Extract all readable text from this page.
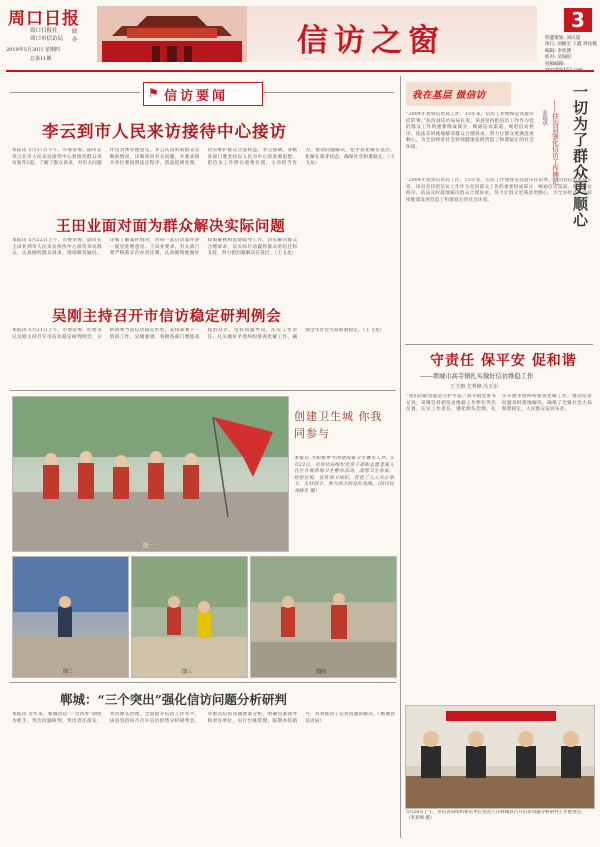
周口日报
周口日报社
周口市信访局
联办
2019年5月30日 星期四
总第11期	信访之窗
3
特邀策划: 刘庆超
执行: 刘楠宏 王鑫 周汝薇
编辑: 李勇博
校对: 吴海阳
投稿邮箱:
⚑ 信访要闻
李云到市人民来访接待中心接访
本报讯 5月17日下午，市委常委、副市长李云在市人民来访接待中心机接待群众来访案件2起，了解了群众诉求，对有关问题作出具体办理意见。李云认真听取群众反映的情况，详细询问有关问题，并要求相关单位要按照法定程序，依法依规处理，切实维护群众合法权益。李云强调，各级各部门要坚持以人民为中心的发展思想，把信访工作摆在重要位置，主动担当作为，推动问题解决，把矛盾化解在基层，化解在萌芽状态，确保社会和谐稳定。（王飞龙）
王田业面对面为群众解决实际问题
本报讯 5月22日上午，市委常委、副市长王田业到市人民来访接待中心接待来访群众，认真倾听群众诉求，现场解答疑问，详细了解案件情况，对每一起信访案件逐一提出处理意见。王田业要求，有关部门要严格落实首办责任制，认真细致地做好政策解释和思想疏导工作，切实解决群众合理诉求，以实际行动赢得群众的信任和支持，努力把问题解决在基层。（王飞龙）
吴刚主持召开市信访稳定研判例会
本报讯 5月21日上午，市委常委、纪委书记吴刚主持召开市信访稳定研判例会，分析研判当前信访稳定形势，安排部署下一阶段工作。吴刚强调，各级各部门要提高政治站位，坚持问题导向，压实工作责任，扎实做好矛盾纠纷排查化解工作，确保全市社会大局和谐稳定。（王飞龙）
图一
创建卫生城 你我同参与
本报讯 为积极参与创建国家卫生城市工作，5月23日，市信访局组织党员干部和志愿者深入社区开展环境卫生整治活动，清理卫生死角，捡拾垃圾，宣传创卫知识，营造了人人关心创卫、支持创卫、参与创卫的良好氛围。（信访局 刘晓光 摄）
图二	图三	图四
郸城：“三个突出”强化信访问题分析研判
本报讯 近年来，郸城县以“一会四办”制度为抓手，突出问题研判，突出责任落实，突出源头治理，全面提升信访工作水平。该县坚持每月召开信访形势分析研判会，对重点信访问题逐案分析，明确包案领导和责任单位，实行台账管理，限期办结销号，有效推动了信访问题的解决。（郸城县信访局）
我在基层 做信访	一切为了群众更顺心
——扶沟县强化信访工作侧记
张瑞华
“2004年我到信访局工作，15年来，信访工作始终是我最牵挂的事。”扶沟县信访局局长说，该县坚持把信访工作作为党的群众工作的重要组成部分，畅通信访渠道，规范信访秩序，依法及时就地解决群众合理诉求，努力让群众更满意更顺心，为全县经济社会持续健康发展营造了和谐稳定的社会环境。
“2004年我到信访局工作，15年来，信访工作始终是我最牵挂的事。”扶沟县信访局局长说，该县坚持把信访工作作为党的群众工作的重要组成部分，畅通信访渠道，规范信访秩序，依法及时就地解决群众合理诉求，努力让群众更满意更顺心，为全县经济社会持续健康发展营造了和谐稳定的社会环境。
守责任 保平安 促和谐
——项城市高寺镇扎实做好信访维稳工作
王玉朝 尤秀峰 冯玉东
“我们的职责就是守护平安。”高寺镇党委书记说，该镇坚持把信访维稳工作摆在突出位置，压实工作责任，强化源头治理，扎实开展矛盾纠纷排查化解工作，推动信访问题及时就地解决，确保了全镇社会大局和谐稳定，人民群众安居乐业。
5月28日上午，市信访局组织相关单位负责人在郸城县召开信访问题分析研判工作推进会。（李亚峰 摄）
